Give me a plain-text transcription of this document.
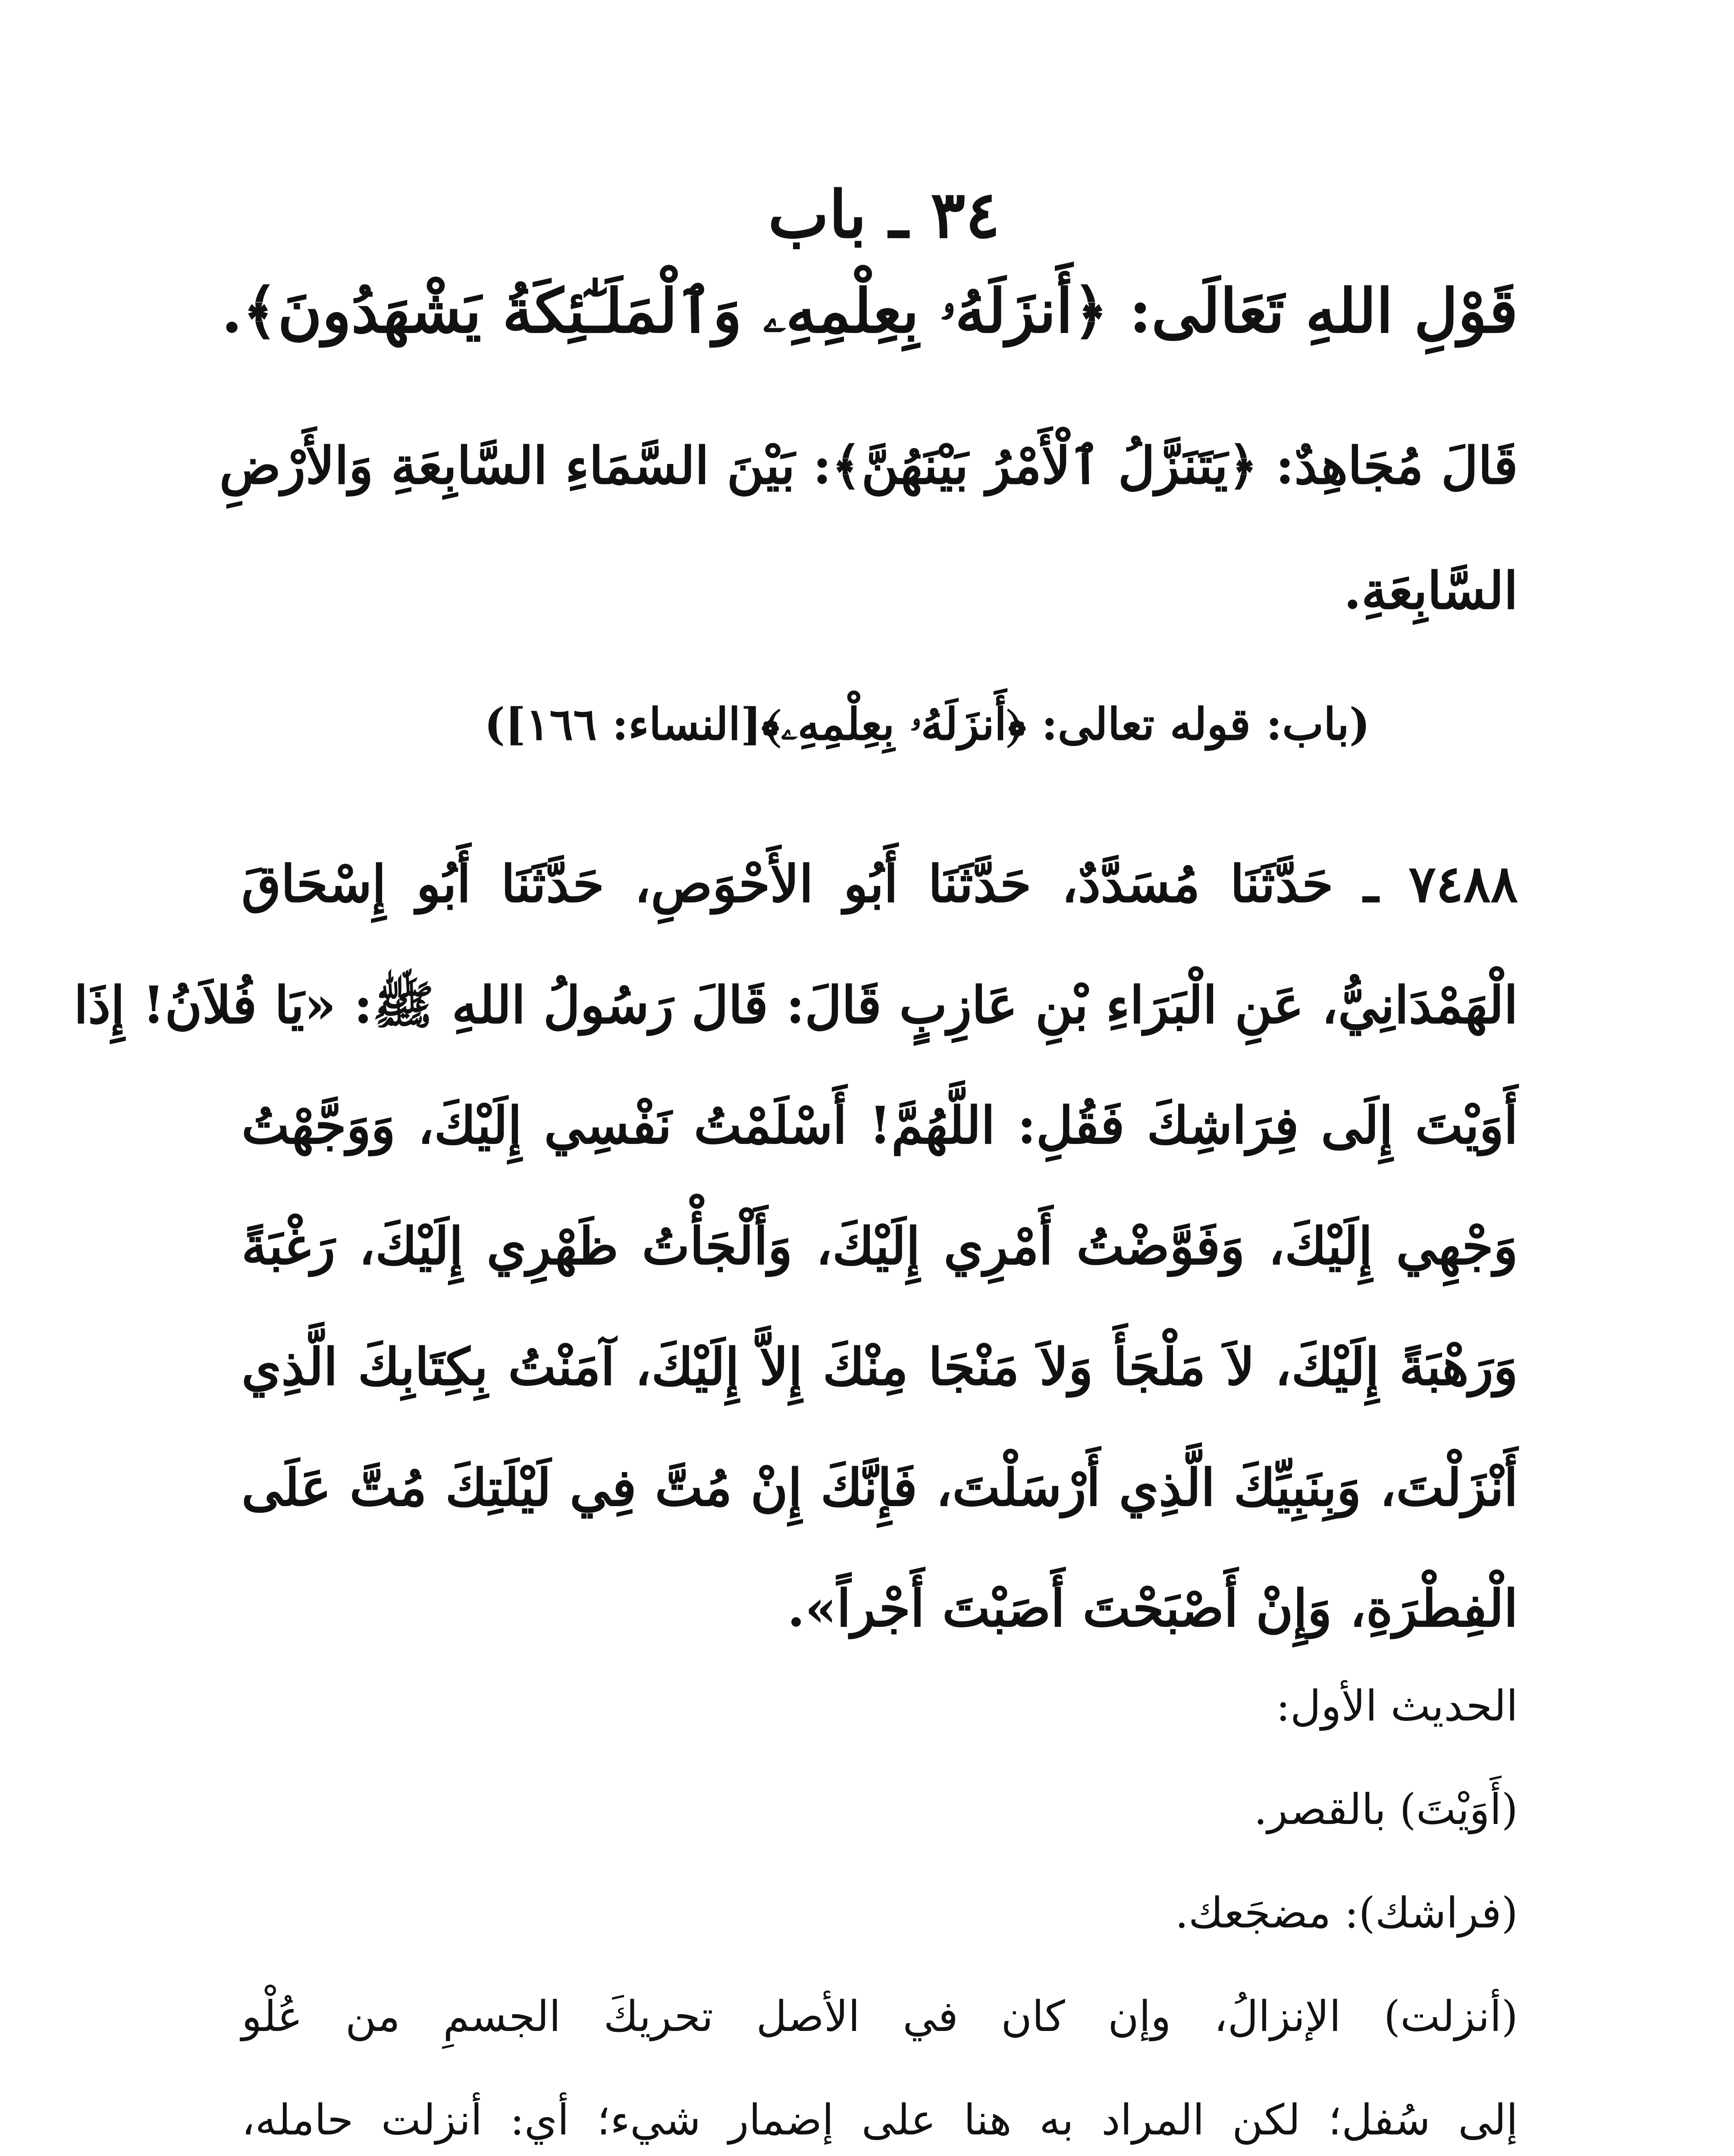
٣٤ ـ باب
قَوْلِ اللهِ تَعَالَى: ﴿أَنزَلَهُۥ بِعِلْمِهِۦ وَٱلْمَلَـٰٓئِكَةُ يَشْهَدُونَ﴾.
قَالَ مُجَاهِدٌ: ﴿يَتَنَزَّلُ ٱلْأَمْرُ بَيْنَهُنَّ﴾: بَيْنَ السَّمَاءِ السَّابِعَةِ وَالأَرْضِ
السَّابِعَةِ.
(باب: قوله تعالى: ﴿أَنزَلَهُۥ بِعِلْمِهِۦ﴾[النساء: ١٦٦])
٧٤٨٨ ـ حَدَّثَنَا مُسَدَّدٌ، حَدَّثَنَا أَبُو الأَحْوَصِ، حَدَّثَنَا أَبُو إِسْحَاقَ
الْهَمْدَانِيُّ، عَنِ الْبَرَاءِ بْنِ عَازِبٍ قَالَ: قَالَ رَسُولُ اللهِ ﷺ: «يَا فُلاَنُ! إِذَا
أَوَيْتَ إِلَى فِرَاشِكَ فَقُلِ: اللَّهُمَّ! أَسْلَمْتُ نَفْسِي إِلَيْكَ، وَوَجَّهْتُ
وَجْهِي إِلَيْكَ، وَفَوَّضْتُ أَمْرِي إِلَيْكَ، وَأَلْجَأْتُ ظَهْرِي إِلَيْكَ، رَغْبَةً
وَرَهْبَةً إِلَيْكَ، لاَ مَلْجَأَ وَلاَ مَنْجَا مِنْكَ إِلاَّ إِلَيْكَ، آمَنْتُ بِكِتَابِكَ الَّذِي
أَنْزَلْتَ، وَبِنَبِيِّكَ الَّذِي أَرْسَلْتَ، فَإِنَّكَ إِنْ مُتَّ فِي لَيْلَتِكَ مُتَّ عَلَى
الْفِطْرَةِ، وَإِنْ أَصْبَحْتَ أَصَبْتَ أَجْراً».
الحديث الأول:
(أَوَيْتَ) بالقصر.
(فراشك): مضجَعك.
(أنزلت) الإنزالُ، وإن كان في الأصل تحريكَ الجسمِ من عُلْو
إلى سُفل؛ لكن المراد به هنا على إضمار شيء؛ أي: أنزلت حامله،
